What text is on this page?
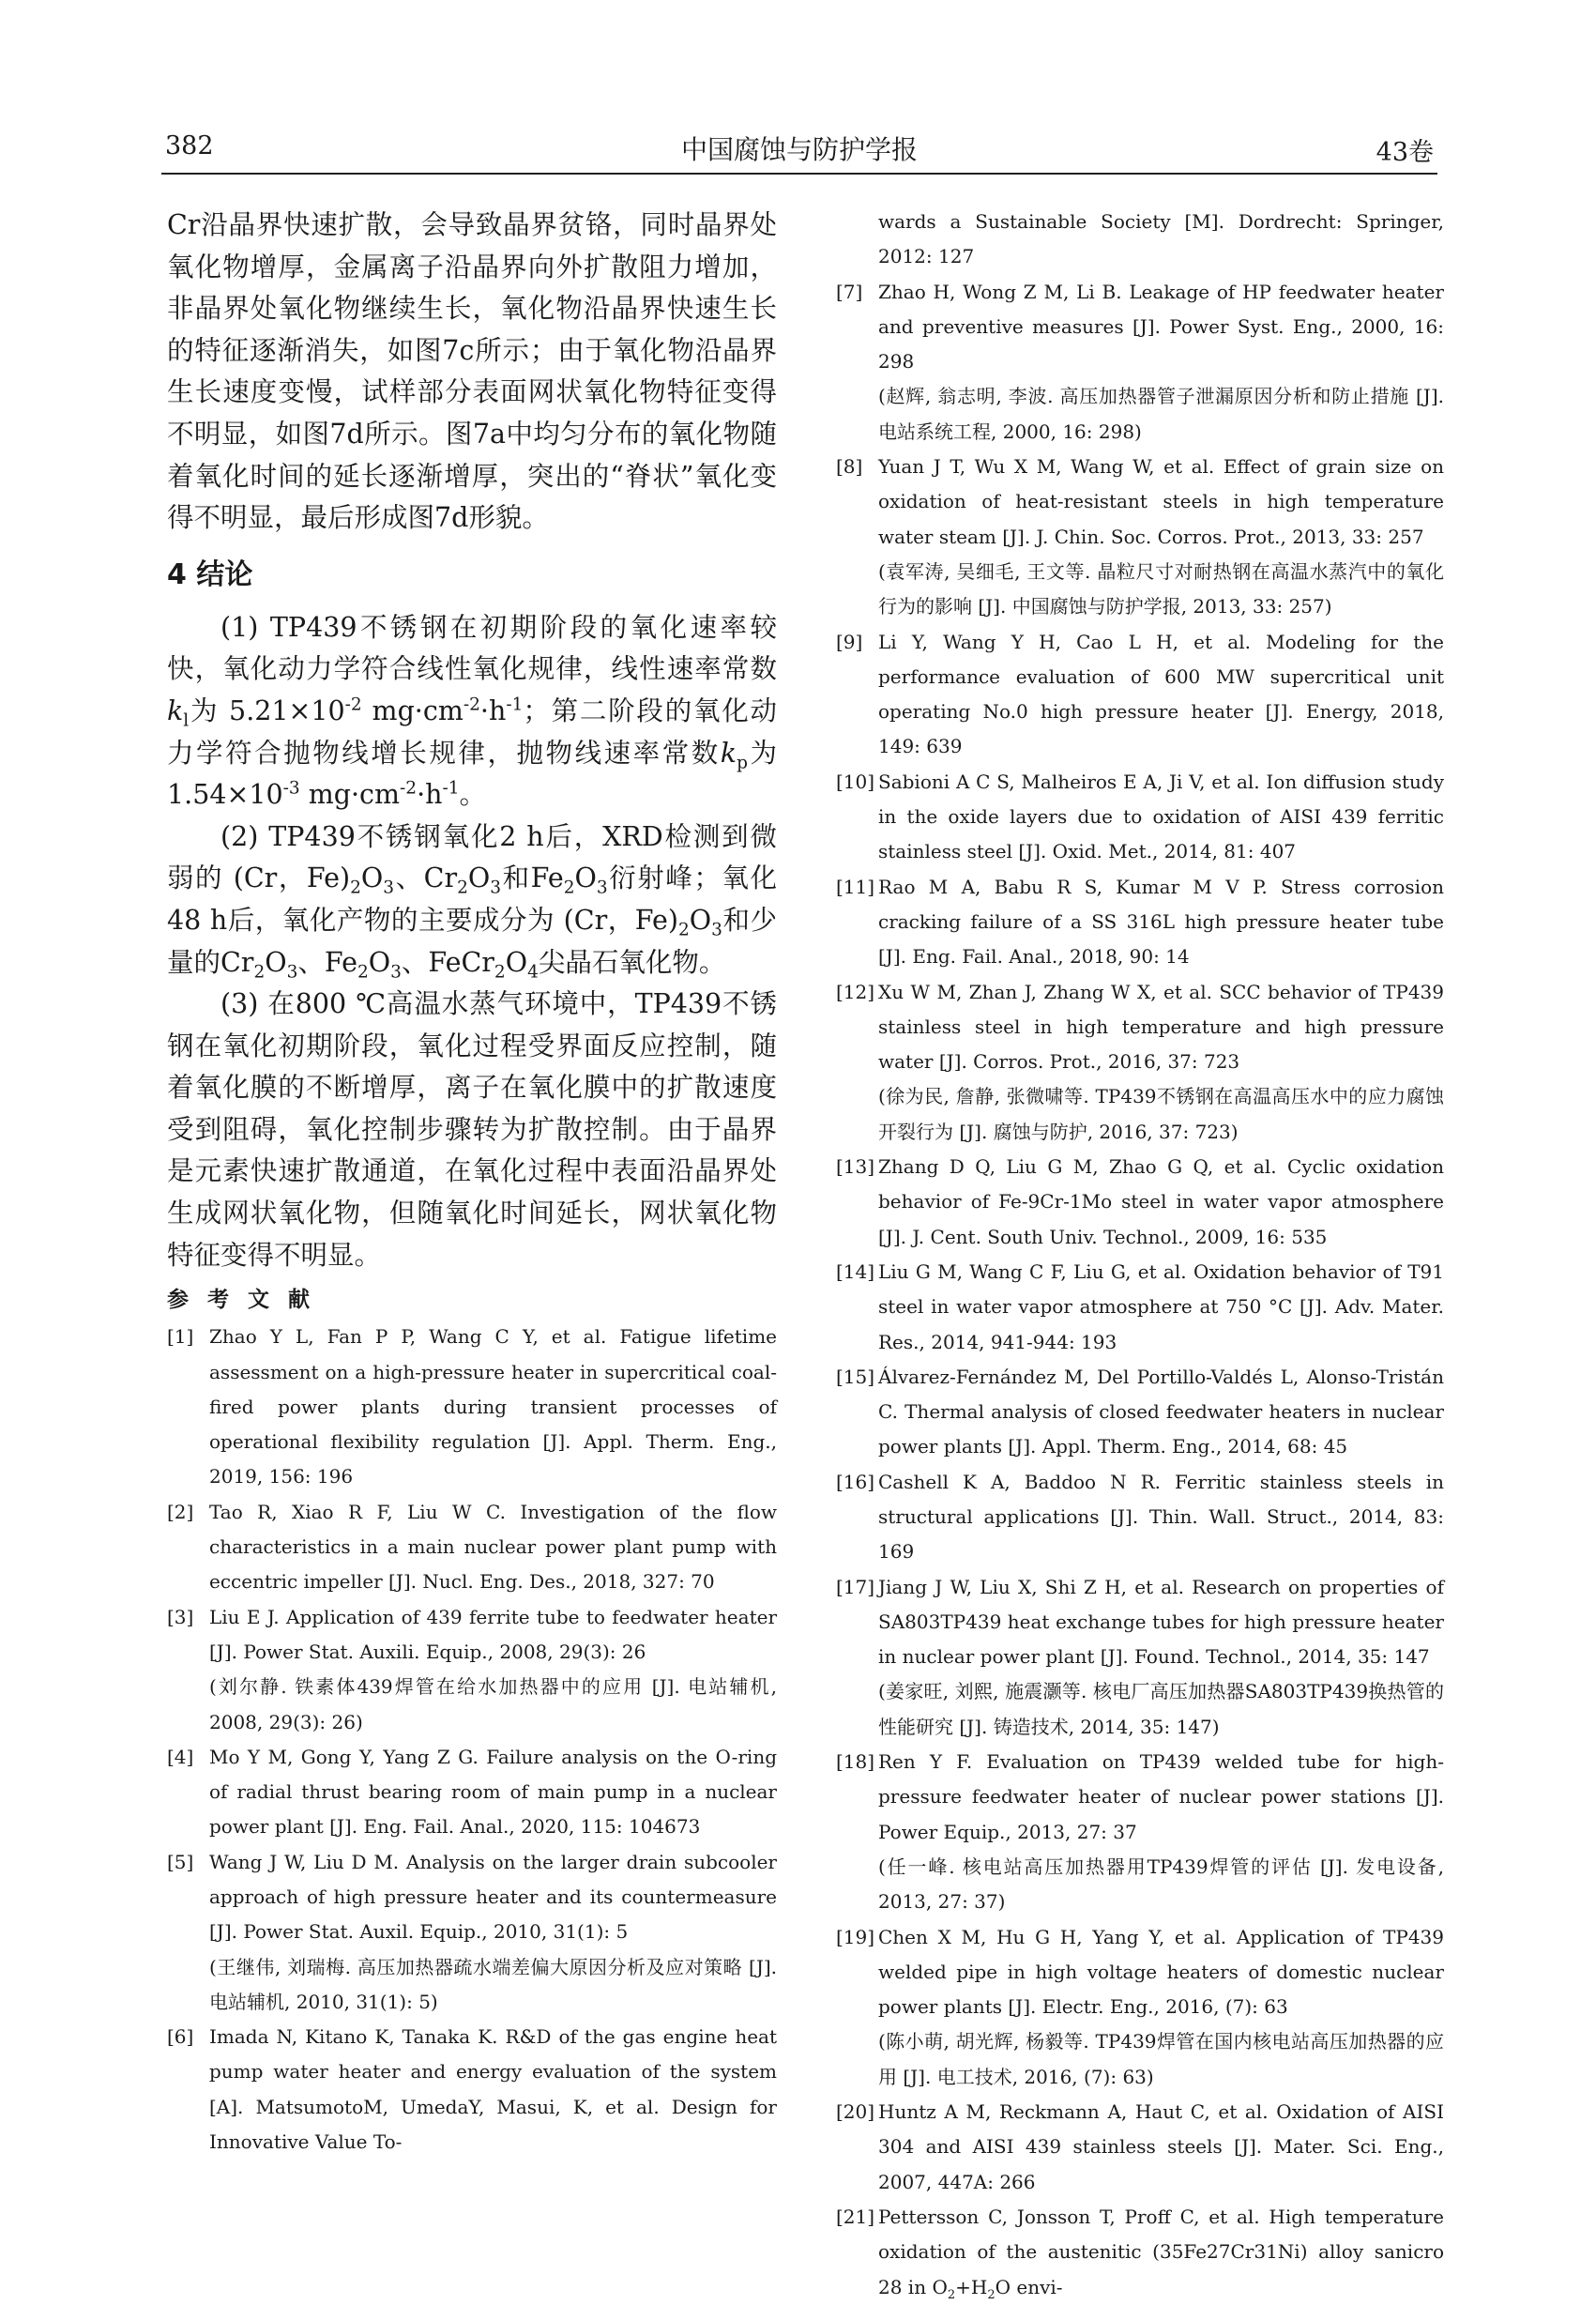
382	中国腐蚀与防护学报	43卷

Cr沿晶界快速扩散，会导致晶界贫铬，同时晶界处氧化物增厚，金属离子沿晶界向外扩散阻力增加，非晶界处氧化物继续生长，氧化物沿晶界快速生长的特征逐渐消失，如图7c所示；由于氧化物沿晶界生长速度变慢，试样部分表面网状氧化物特征变得不明显，如图7d所示。图7a中均匀分布的氧化物随着氧化时间的延长逐渐增厚，突出的“脊状”氧化变得不明显，最后形成图7d形貌。

4 结论

(1) TP439不锈钢在初期阶段的氧化速率较快，氧化动力学符合线性氧化规律，线性速率常数$k_l$为 $5.21\times 10^{-2}$ $mg\cdot cm^{-2}\cdot h^{-1}$；第二阶段的氧化动力学符合抛物线增长规律，抛物线速率常数$k_p$为$1.54\times 10^{-3}$ $mg\cdot cm^{-2}\cdot h^{-1}$。

(2) TP439不锈钢氧化2 h后，XRD检测到微弱的 (Cr，$Fe)_2O_3$、$Cr_2O_3$和$Fe_2O_3$衍射峰；氧化48 h后，氧化产物的主要成分为 (Cr，$Fe)_2O_3$和少量的$Cr_2O_3$、$Fe_2O_3$、$FeCr_2O_4$尖晶石氧化物。

(3) 在800 ℃高温水蒸气环境中，TP439不锈钢在氧化初期阶段，氧化过程受界面反应控制，随着氧化膜的不断增厚，离子在氧化膜中的扩散速度受到阻碍，氧化控制步骤转为扩散控制。由于晶界是元素快速扩散通道，在氧化过程中表面沿晶界处生成网状氧化物，但随氧化时间延长，网状氧化物特征变得不明显。

参 考 文 献
[1] Zhao Y L, Fan P P, Wang C Y, et al. Fatigue lifetime assessment on a high-pressure heater in supercritical coal-fired power plants during transient processes of operational flexibility regulation [J]. Appl. Therm. Eng., 2019, 156: 196
[2] Tao R, Xiao R F, Liu W C. Investigation of the flow characteristics in a main nuclear power plant pump with eccentric impeller [J]. Nucl. Eng. Des., 2018, 327: 70
[3] Liu E J. Application of 439 ferrite tube to feedwater heater [J]. Power Stat. Auxili. Equip., 2008, 29(3): 26
(刘尔静. 铁素体439焊管在给水加热器中的应用 [J]. 电站辅机, 2008, 29(3): 26)
[4] Mo Y M, Gong Y, Yang Z G. Failure analysis on the O-ring of radial thrust bearing room of main pump in a nuclear power plant [J]. Eng. Fail. Anal., 2020, 115: 104673
[5] Wang J W, Liu D M. Analysis on the larger drain subcooler approach of high pressure heater and its countermeasure [J]. Power Stat. Auxil. Equip., 2010, 31(1): 5
(王继伟, 刘瑞梅. 高压加热器疏水端差偏大原因分析及应对策略 [J]. 电站辅机, 2010, 31(1): 5)
[6] Imada N, Kitano K, Tanaka K. R&D of the gas engine heat pump water heater and energy evaluation of the system [A]. MatsumotoM, UmedaY, Masui, K, et al. Design for Innovative Value To-
wards a Sustainable Society [M]. Dordrecht: Springer, 2012: 127
[7] Zhao H, Wong Z M, Li B. Leakage of HP feedwater heater and preventive measures [J]. Power Syst. Eng., 2000, 16: 298
(赵辉, 翁志明, 李波. 高压加热器管子泄漏原因分析和防止措施 [J]. 电站系统工程, 2000, 16: 298)
[8] Yuan J T, Wu X M, Wang W, et al. Effect of grain size on oxidation of heat-resistant steels in high temperature water steam [J]. J. Chin. Soc. Corros. Prot., 2013, 33: 257
(袁军涛, 吴细毛, 王文等. 晶粒尺寸对耐热钢在高温水蒸汽中的氧化行为的影响 [J]. 中国腐蚀与防护学报, 2013, 33: 257)
[9] Li Y, Wang Y H, Cao L H, et al. Modeling for the performance evaluation of 600 MW supercritical unit operating No.0 high pressure heater [J]. Energy, 2018, 149: 639
[10] Sabioni A C S, Malheiros E A, Ji V, et al. Ion diffusion study in the oxide layers due to oxidation of AISI 439 ferritic stainless steel [J]. Oxid. Met., 2014, 81: 407
[11] Rao M A, Babu R S, Kumar M V P. Stress corrosion cracking failure of a SS 316L high pressure heater tube [J]. Eng. Fail. Anal., 2018, 90: 14
[12] Xu W M, Zhan J, Zhang W X, et al. SCC behavior of TP439 stainless steel in high temperature and high pressure water [J]. Corros. Prot., 2016, 37: 723
(徐为民, 詹静, 张微啸等. TP439不锈钢在高温高压水中的应力腐蚀开裂行为 [J]. 腐蚀与防护, 2016, 37: 723)
[13] Zhang D Q, Liu G M, Zhao G Q, et al. Cyclic oxidation behavior of Fe-9Cr-1Mo steel in water vapor atmosphere [J]. J. Cent. South Univ. Technol., 2009, 16: 535
[14] Liu G M, Wang C F, Liu G, et al. Oxidation behavior of T91 steel in water vapor atmosphere at 750 °C [J]. Adv. Mater. Res., 2014, 941-944: 193
[15] Álvarez-Fernández M, Del Portillo-Valdés L, Alonso-Tristán C. Thermal analysis of closed feedwater heaters in nuclear power plants [J]. Appl. Therm. Eng., 2014, 68: 45
[16] Cashell K A, Baddoo N R. Ferritic stainless steels in structural applications [J]. Thin. Wall. Struct., 2014, 83: 169
[17] Jiang J W, Liu X, Shi Z H, et al. Research on properties of SA803TP439 heat exchange tubes for high pressure heater in nuclear power plant [J]. Found. Technol., 2014, 35: 147
(姜家旺, 刘熙, 施震灏等. 核电厂高压加热器SA803TP439换热管的性能研究 [J]. 铸造技术, 2014, 35: 147)
[18] Ren Y F. Evaluation on TP439 welded tube for high-pressure feedwater heater of nuclear power stations [J]. Power Equip., 2013, 27: 37
(任一峰. 核电站高压加热器用TP439焊管的评估 [J]. 发电设备, 2013, 27: 37)
[19] Chen X M, Hu G H, Yang Y, et al. Application of TP439 welded pipe in high voltage heaters of domestic nuclear power plants [J]. Electr. Eng., 2016, (7): 63
(陈小萌, 胡光辉, 杨毅等. TP439焊管在国内核电站高压加热器的应用 [J]. 电工技术, 2016, (7): 63)
[20] Huntz A M, Reckmann A, Haut C, et al. Oxidation of AISI 304 and AISI 439 stainless steels [J]. Mater. Sci. Eng., 2007, 447A: 266
[21] Pettersson C, Jonsson T, Proff C, et al. High temperature oxidation of the austenitic (35Fe27Cr31Ni) alloy sanicro 28 in $O_2+H_2O$ envi-
